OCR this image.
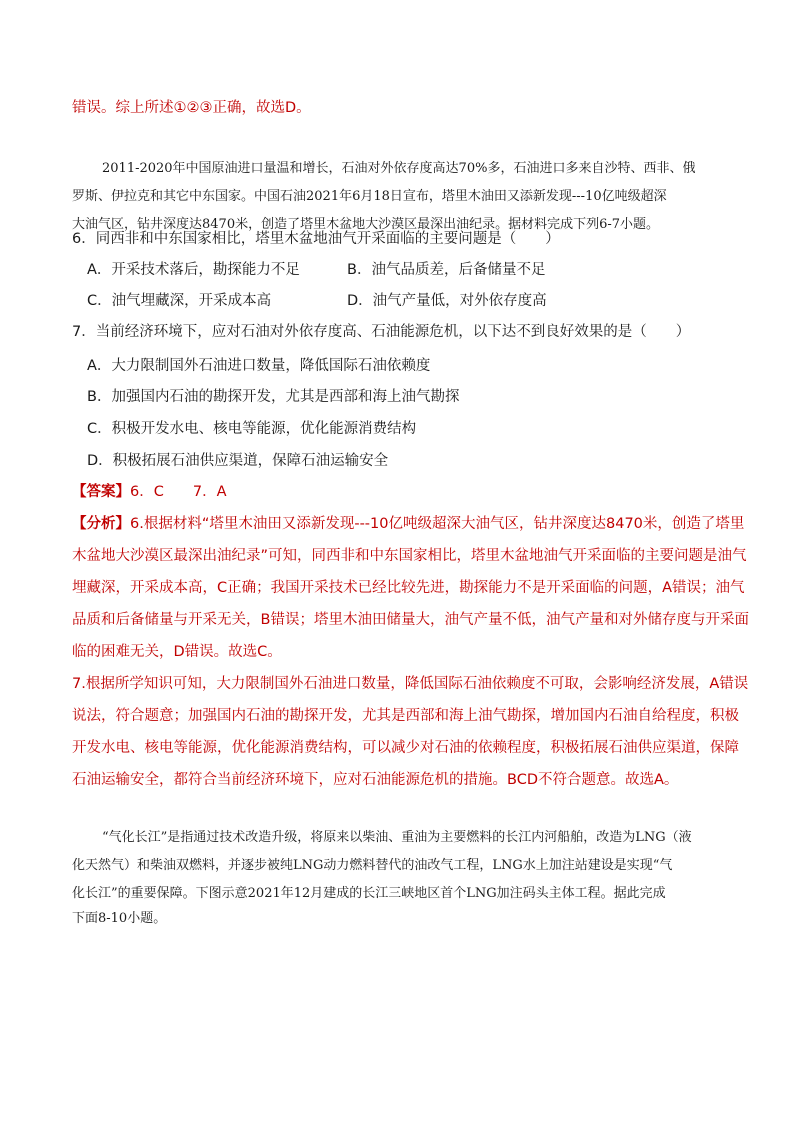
错误。综上所述①②③正确，故选D。
2011-2020年中国原油进口量温和增长，石油对外依存度高达70%多，石油进口多来自沙特、西非、俄
罗斯、伊拉克和其它中东国家。中国石油2021年6月18日宣布，塔里木油田又添新发现---10亿吨级超深
大油气区，钻井深度达8470米，创造了塔里木盆地大沙漠区最深出油纪录。据材料完成下列6-7小题。
6．同西非和中东国家相比，塔里木盆地油气开采面临的主要问题是（　　）
A．开采技术落后，勘探能力不足	B．油气品质差，后备储量不足
C．油气埋藏深，开采成本高	D．油气产量低，对外依存度高
7．当前经济环境下，应对石油对外依存度高、石油能源危机，以下达不到良好效果的是（　　）
A．大力限制国外石油进口数量，降低国际石油依赖度
B．加强国内石油的勘探开发，尤其是西部和海上油气勘探
C．积极开发水电、核电等能源，优化能源消费结构
D．积极拓展石油供应渠道，保障石油运输安全
【答案】6．C　　7．A
【分析】6.根据材料“塔里木油田又添新发现---10亿吨级超深大油气区，钻井深度达8470米，创造了塔里
木盆地大沙漠区最深出油纪录”可知，同西非和中东国家相比，塔里木盆地油气开采面临的主要问题是油气
埋藏深，开采成本高，C正确；我国开采技术已经比较先进，勘探能力不是开采面临的问题，A错误；油气
品质和后备储量与开采无关，B错误；塔里木油田储量大，油气产量不低，油气产量和对外储存度与开采面
临的困难无关，D错误。故选C。
7.根据所学知识可知，大力限制国外石油进口数量，降低国际石油依赖度不可取，会影响经济发展，A错误
说法，符合题意；加强国内石油的勘探开发，尤其是西部和海上油气勘探，增加国内石油自给程度，积极
开发水电、核电等能源，优化能源消费结构，可以减少对石油的依赖程度，积极拓展石油供应渠道，保障
石油运输安全，都符合当前经济环境下，应对石油能源危机的措施。BCD不符合题意。故选A。
“气化长江”是指通过技术改造升级，将原来以柴油、重油为主要燃料的长江内河船舶，改造为LNG（液
化天然气）和柴油双燃料，并逐步被纯LNG动力燃料替代的油改气工程，LNG水上加注站建设是实现“气
化长江”的重要保障。下图示意2021年12月建成的长江三峡地区首个LNG加注码头主体工程。据此完成
下面8-10小题。
